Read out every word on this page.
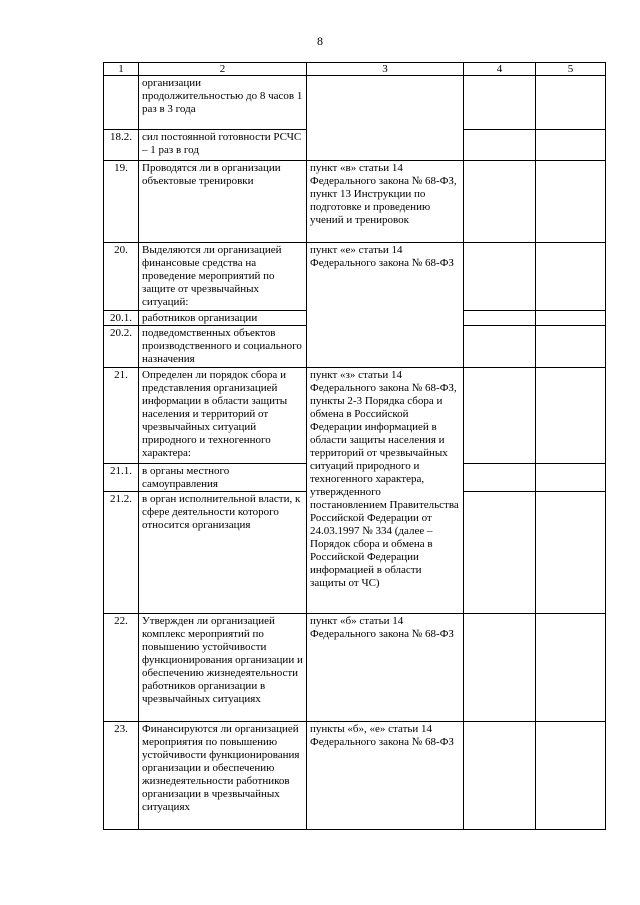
8
1	2	3	4	5
	организации продолжительностью до 8 часов 1 раз в 3 года			
18.2.	сил постоянной готовности РСЧС – 1 раз в год			
19.	Проводятся ли в организации объектовые тренировки	пункт «в» статьи 14 Федерального закона № 68-ФЗ, пункт 13 Инструкции по подготовке и проведению учений и тренировок		
20.	Выделяются ли организацией финансовые средства на проведение мероприятий по защите от чрезвычайных ситуаций:	пункт «е» статьи 14 Федерального закона № 68-ФЗ		
20.1.	работников организации			
20.2.	подведомственных объектов производственного и социального назначения			
21.	Определен ли порядок сбора и представления организацией информации в области защиты населения и территорий от чрезвычайных ситуаций природного и техногенного характера:	пункт «з» статьи 14 Федерального закона № 68-ФЗ, пункты 2-3 Порядка сбора и обмена в Российской Федерации информацией в области защиты населения и территорий от чрезвычайных ситуаций природного и техногенного характера, утвержденного постановлением Правительства Российской Федерации от 24.03.1997 № 334 (далее – Порядок сбора и обмена в Российской Федерации информацией в области защиты от ЧC)		
21.1.	в органы местного самоуправления			
21.2.	в орган исполнительной власти, к сфере деятельности которого относится организация			
22.	Утвержден ли организацией комплекс мероприятий по повышению устойчивости функционирования организации и обеспечению жизнедеятельности работников организации в чрезвычайных ситуациях	пункт «б» статьи 14 Федерального закона № 68-ФЗ		
23.	Финансируются ли организацией мероприятия по повышению устойчивости функционирования организации и обеспечению жизнедеятельности работников организации в чрезвычайных ситуациях	пункты «б», «е» статьи 14 Федерального закона № 68-ФЗ		
